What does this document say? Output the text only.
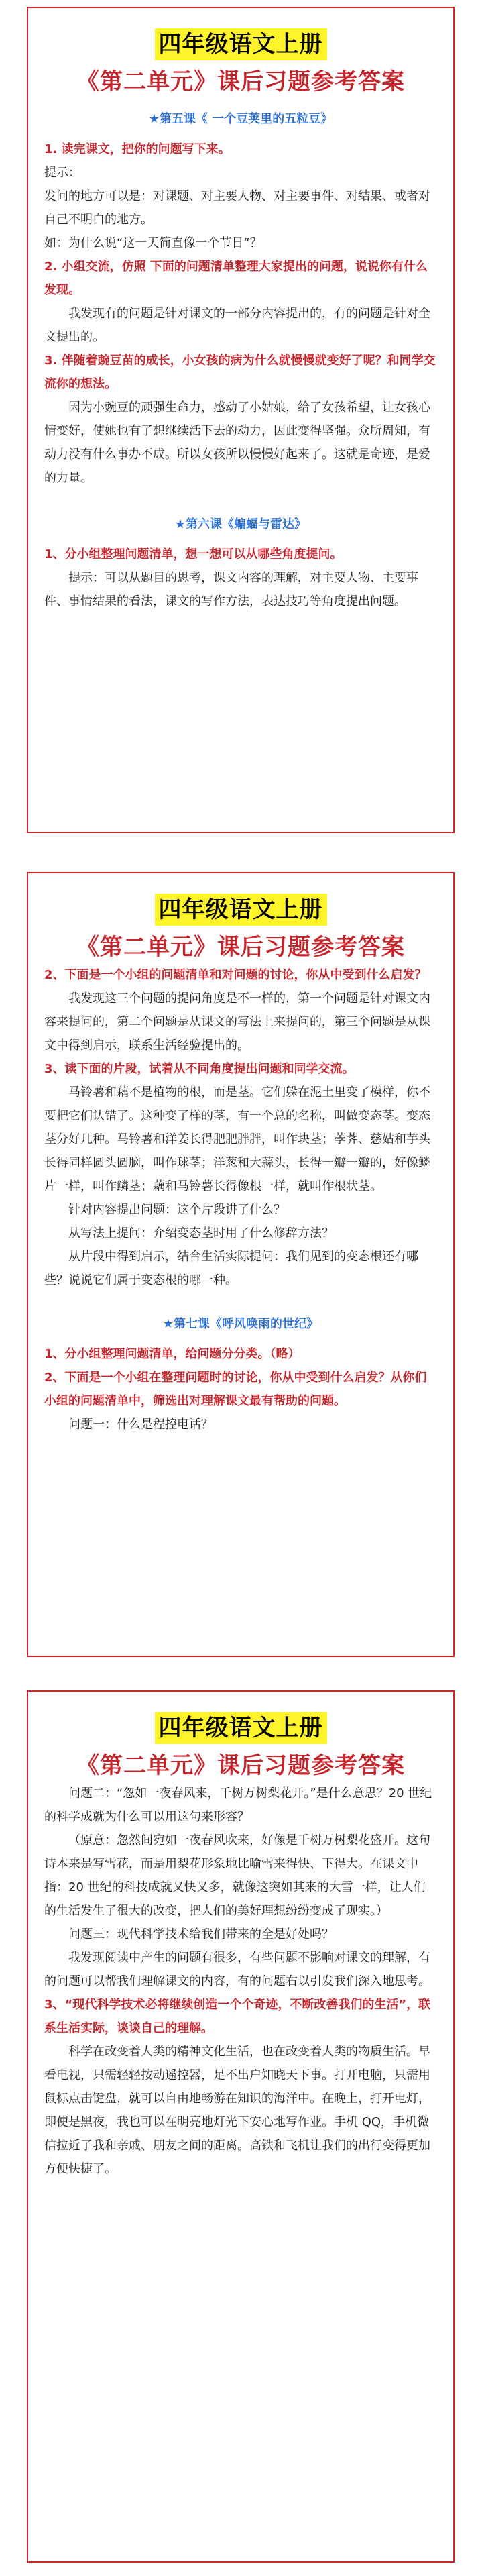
四年级语文上册
《第二单元》课后习题参考答案
★第五课《 一个豆荚里的五粒豆》

1. 读完课文，把你的问题写下来。

提示：

发问的地方可以是：对课题、对主要人物、对主要事件、对结果、或者对自己不明白的地方。

如：为什么说“这一天简直像一个节日”？

2. 小组交流，仿照 下面的问题清单整理大家提出的问题，说说你有什么发现。

我发现有的问题是针对课文的一部分内容提出的，有的问题是针对全文提出的。

3. 伴随着豌豆苗的成长，小女孩的病为什么就慢慢就变好了呢？和同学交流你的想法。

因为小豌豆的顽强生命力，感动了小姑娘，给了女孩希望，让女孩心情变好，使她也有了想继续活下去的动力，因此变得坚强。众所周知，有动力没有什么事办不成。所以女孩所以慢慢好起来了。这就是奇迹，是爱的力量。

★第六课《蝙蝠与雷达》

1、分小组整理问题清单，想一想可以从哪些角度提问。

提示：可以从题目的思考，课文内容的理解，对主要人物、主要事件、事情结果的看法，课文的写作方法，表达技巧等角度提出问题。

四年级语文上册
《第二单元》课后习题参考答案

2、下面是一个小组的问题清单和对问题的讨论，你从中受到什么启发？

我发现这三个问题的提问角度是不一样的，第一个问题是针对课文内容来提问的，第二个问题是从课文的写法上来提问的，第三个问题是从课文中得到启示，联系生活经验提出的。

3、读下面的片段，试着从不同角度提出问题和同学交流。

马铃薯和藕不是植物的根，而是茎。它们躲在泥土里变了模样，你不要把它们认错了。这种变了样的茎，有一个总的名称，叫做变态茎。变态茎分好几种。马铃薯和洋姜长得肥肥胖胖，叫作块茎；荸荠、慈姑和芋头长得同样圆头圆脑，叫作球茎；洋葱和大蒜头，长得一瓣一瓣的，好像鳞片一样，叫作鳞茎；藕和马铃薯长得像根一样，就叫作根状茎。

针对内容提出问题：这个片段讲了什么？

从写法上提问：介绍变态茎时用了什么修辞方法？

从片段中得到启示，结合生活实际提问：我们见到的变态根还有哪些？说说它们属于变态根的哪一种。

★第七课《呼风唤雨的世纪》

1、分小组整理问题清单，给问题分分类。（略）

2、下面是一个小组在整理问题时的讨论，你从中受到什么启发？从你们小组的问题清单中，筛选出对理解课文最有帮助的问题。

问题一：什么是程控电话？

四年级语文上册
《第二单元》课后习题参考答案

问题二：“忽如一夜春风来，千树万树梨花开。”是什么意思？20 世纪的科学成就为什么可以用这句来形容？

（原意：忽然间宛如一夜春风吹来，好像是千树万树梨花盛开。这句诗本来是写雪花，而是用梨花形象地比喻雪来得快、下得大。在课文中指：20 世纪的科技成就又快又多，就像这突如其来的大雪一样，让人们的生活发生了很大的改变，把人们的美好理想纷纷变成了现实。）

问题三：现代科学技术给我们带来的全是好处吗？

我发现阅读中产生的问题有很多，有些问题不影响对课文的理解，有的问题可以帮我们理解课文的内容，有的问题右以引发我们深入地思考。

3、“现代科学技术必将继续创造一个个奇迹，不断改善我们的生活”，联系生活实际，谈谈自己的理解。

科学在改变着人类的精神文化生活，也在改变着人类的物质生活。早看电视，只需轻轻按动遥控器，足不出户知晓天下事。打开电脑，只需用鼠标点击键盘，就可以自由地畅游在知识的海洋中。在晚上，打开电灯，即使是黑夜，我也可以在明亮地灯光下安心地写作业。手机 QQ，手机微信拉近了我和亲戚、朋友之间的距离。高铁和飞机让我们的出行变得更加方便快捷了。
